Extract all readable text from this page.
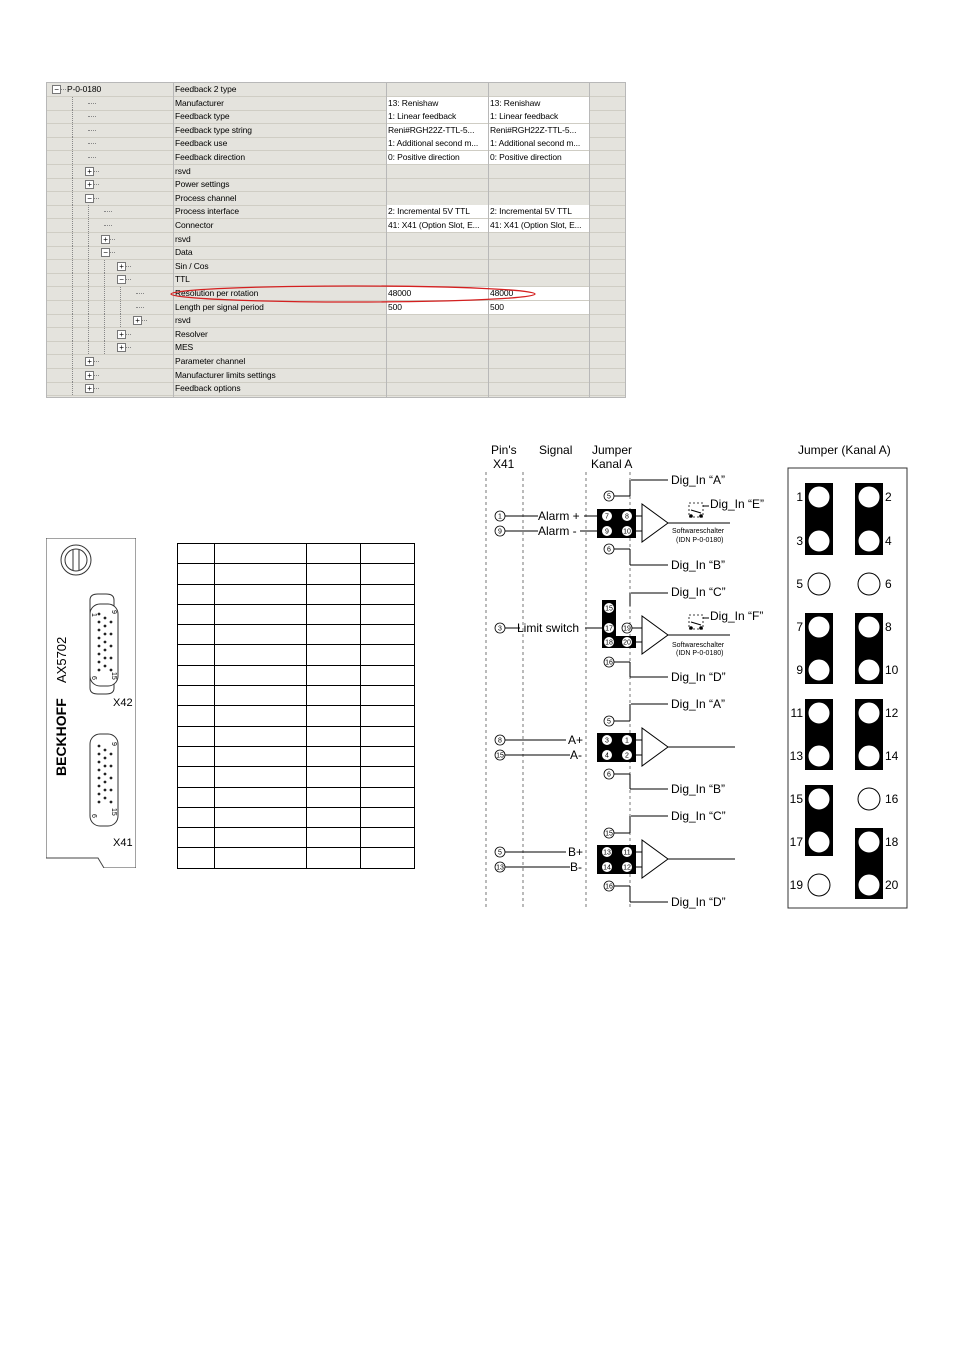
− P-0-0180	Feedback 2 type
Manufacturer	13: Renishaw	13: Renishaw
Feedback type	1: Linear feedback	1: Linear feedback
Feedback type string	Reni#RGH22Z-TTL-5...	Reni#RGH22Z-TTL-5...
Feedback use	1: Additional second m...	1: Additional second m...
Feedback direction	0: Positive direction	0: Positive direction
+	rsvd
+	Power settings
−	Process channel
Process interface	2: Incremental 5V TTL	2: Incremental 5V TTL
Connector	41: X41 (Option Slot, E...	41: X41 (Option Slot, E...
+	rsvd
−	Data
+	Sin / Cos
−	TTL
Resolution per rotation	48000	48000
Length per signal period	500	500
+	rsvd
+	Resolver
+	MES
+	Parameter channel
+	Manufacturer limits settings
+	Feedback options
BECKHOFF
AX5702
X42
X41
1
9
6 15
9
6
15

Pin's
X41
Signal Jumper
Kanal A
Jumper (Kanal A)
Dig_In “A”
5
1	Alarm +
9	Alarm -
7 8
9 10
Dig_In “E”
Softwareschalter
(IDN P-0-0180)
6
Dig_In “B”
Dig_In “C”
15
17
18 20
19
3 Limit switch
Dig_In “F”
Softwareschalter
(IDN P-0-0180)
16
Dig_In “D”
Dig_In “A”
5
8	A+
15	A-
3 1
4 2
6
Dig_In “B”
Dig_In “C”
15
5	B+
13	B-
13 11
14 12
16
Dig_In “D”
1	2
3	4
5	6
7	8
9	10
11	12
13	14
15	16
17	18
19	20
